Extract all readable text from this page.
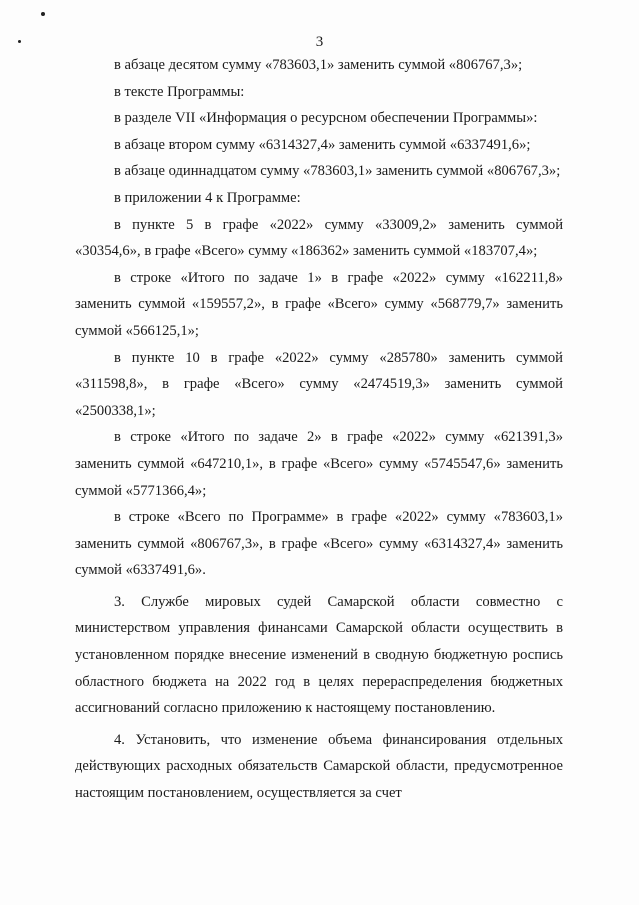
3

в абзаце десятом сумму «783603,1» заменить суммой «806767,3»;

в тексте Программы:

в разделе VII «Информация о ресурсном обеспечении Программы»:

в абзаце втором сумму «6314327,4» заменить суммой «6337491,6»;

в абзаце одиннадцатом сумму «783603,1» заменить суммой «806767,3»;

в приложении 4 к Программе:

в пункте 5 в графе «2022» сумму «33009,2» заменить суммой «30354,6», в графе «Всего» сумму «186362» заменить суммой «183707,4»;

в строке «Итого по задаче 1» в графе «2022» сумму «162211,8» заменить суммой «159557,2», в графе «Всего» сумму «568779,7» заменить суммой «566125,1»;

в пункте 10 в графе «2022» сумму «285780» заменить суммой «311598,8», в графе «Всего» сумму «2474519,3» заменить суммой «2500338,1»;

в строке «Итого по задаче 2» в графе «2022» сумму «621391,3» заменить суммой «647210,1», в графе «Всего» сумму «5745547,6» заменить суммой «5771366,4»;

в строке «Всего по Программе» в графе «2022» сумму «783603,1» заменить суммой «806767,3», в графе «Всего» сумму «6314327,4» заменить суммой «6337491,6».

3. Службе мировых судей Самарской области совместно с министерством управления финансами Самарской области осуществить в установленном порядке внесение изменений в сводную бюджетную роспись областного бюджета на 2022 год в целях перераспределения бюджетных ассигнований согласно приложению к настоящему постановлению.

4. Установить, что изменение объема финансирования отдельных действующих расходных обязательств Самарской области, предусмотренное настоящим постановлением, осуществляется за счет
